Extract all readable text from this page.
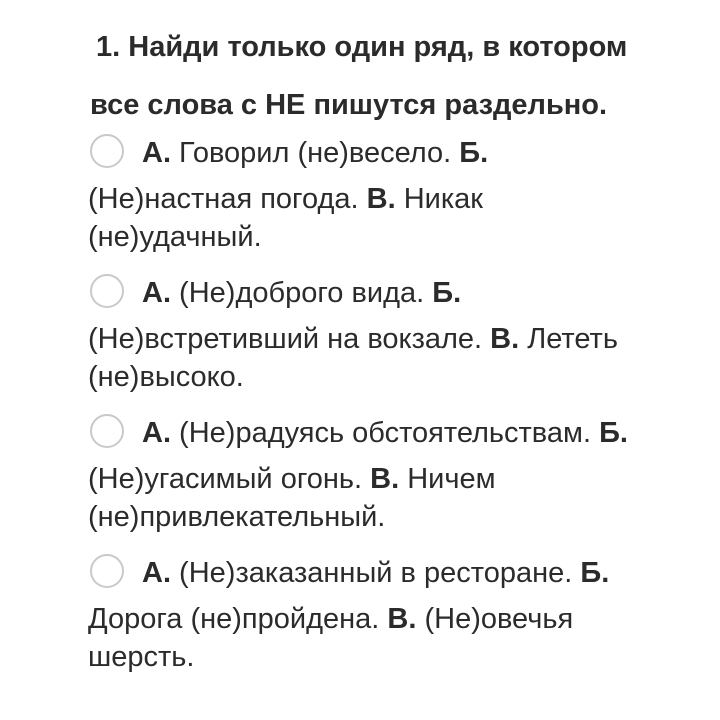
1. Найди только один ряд, в котором
все слова с НЕ пишутся раздельно.
А. Говорил (не)весело. Б.
(Не)настная погода. В. Никак
(не)удачный.
А. (Не)доброго вида. Б.
(Не)встретивший на вокзале. В. Лететь
(не)высоко.
А. (Не)радуясь обстоятельствам. Б.
(Не)угасимый огонь. В. Ничем
(не)привлекательный.
А. (Не)заказанный в ресторане. Б.
Дорога (не)пройдена. В. (Не)овечья
шерсть.
